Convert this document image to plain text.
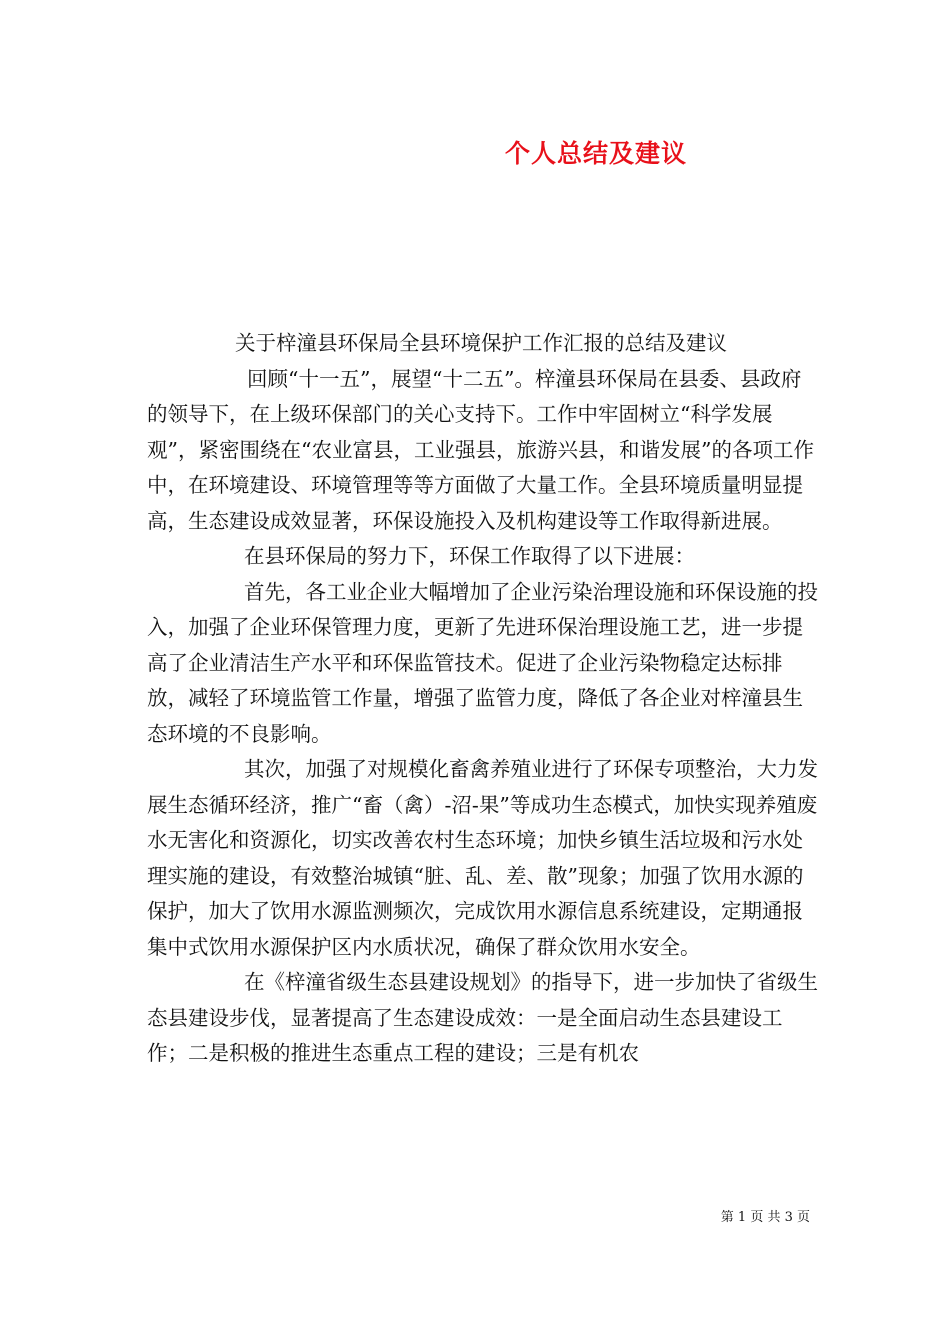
个人总结及建议

关于梓潼县环保局全县环境保护工作汇报的总结及建议

回顾“十一五”，展望“十二五”。梓潼县环保局在县委、县政府的领导下，在上级环保部门的关心支持下。工作中牢固树立“科学发展观”，紧密围绕在“农业富县，工业强县，旅游兴县，和谐发展”的各项工作中，在环境建设、环境管理等等方面做了大量工作。全县环境质量明显提高，生态建设成效显著，环保设施投入及机构建设等工作取得新进展。

在县环保局的努力下，环保工作取得了以下进展：

首先，各工业企业大幅增加了企业污染治理设施和环保设施的投入，加强了企业环保管理力度，更新了先进环保治理设施工艺，进一步提高了企业清洁生产水平和环保监管技术。促进了企业污染物稳定达标排放，减轻了环境监管工作量，增强了监管力度，降低了各企业对梓潼县生态环境的不良影响。

其次，加强了对规模化畜禽养殖业进行了环保专项整治，大力发展生态循环经济，推广“畜（禽）-沼-果”等成功生态模式，加快实现养殖废水无害化和资源化，切实改善农村生态环境；加快乡镇生活垃圾和污水处理实施的建设，有效整治城镇“脏、乱、差、散”现象；加强了饮用水源的保护，加大了饮用水源监测频次，完成饮用水源信息系统建设，定期通报集中式饮用水源保护区内水质状况，确保了群众饮用水安全。

在《梓潼省级生态县建设规划》的指导下，进一步加快了省级生态县建设步伐，显著提高了生态建设成效：一是全面启动生态县建设工作；二是积极的推进生态重点工程的建设；三是有机农

第 1 页 共 3 页
